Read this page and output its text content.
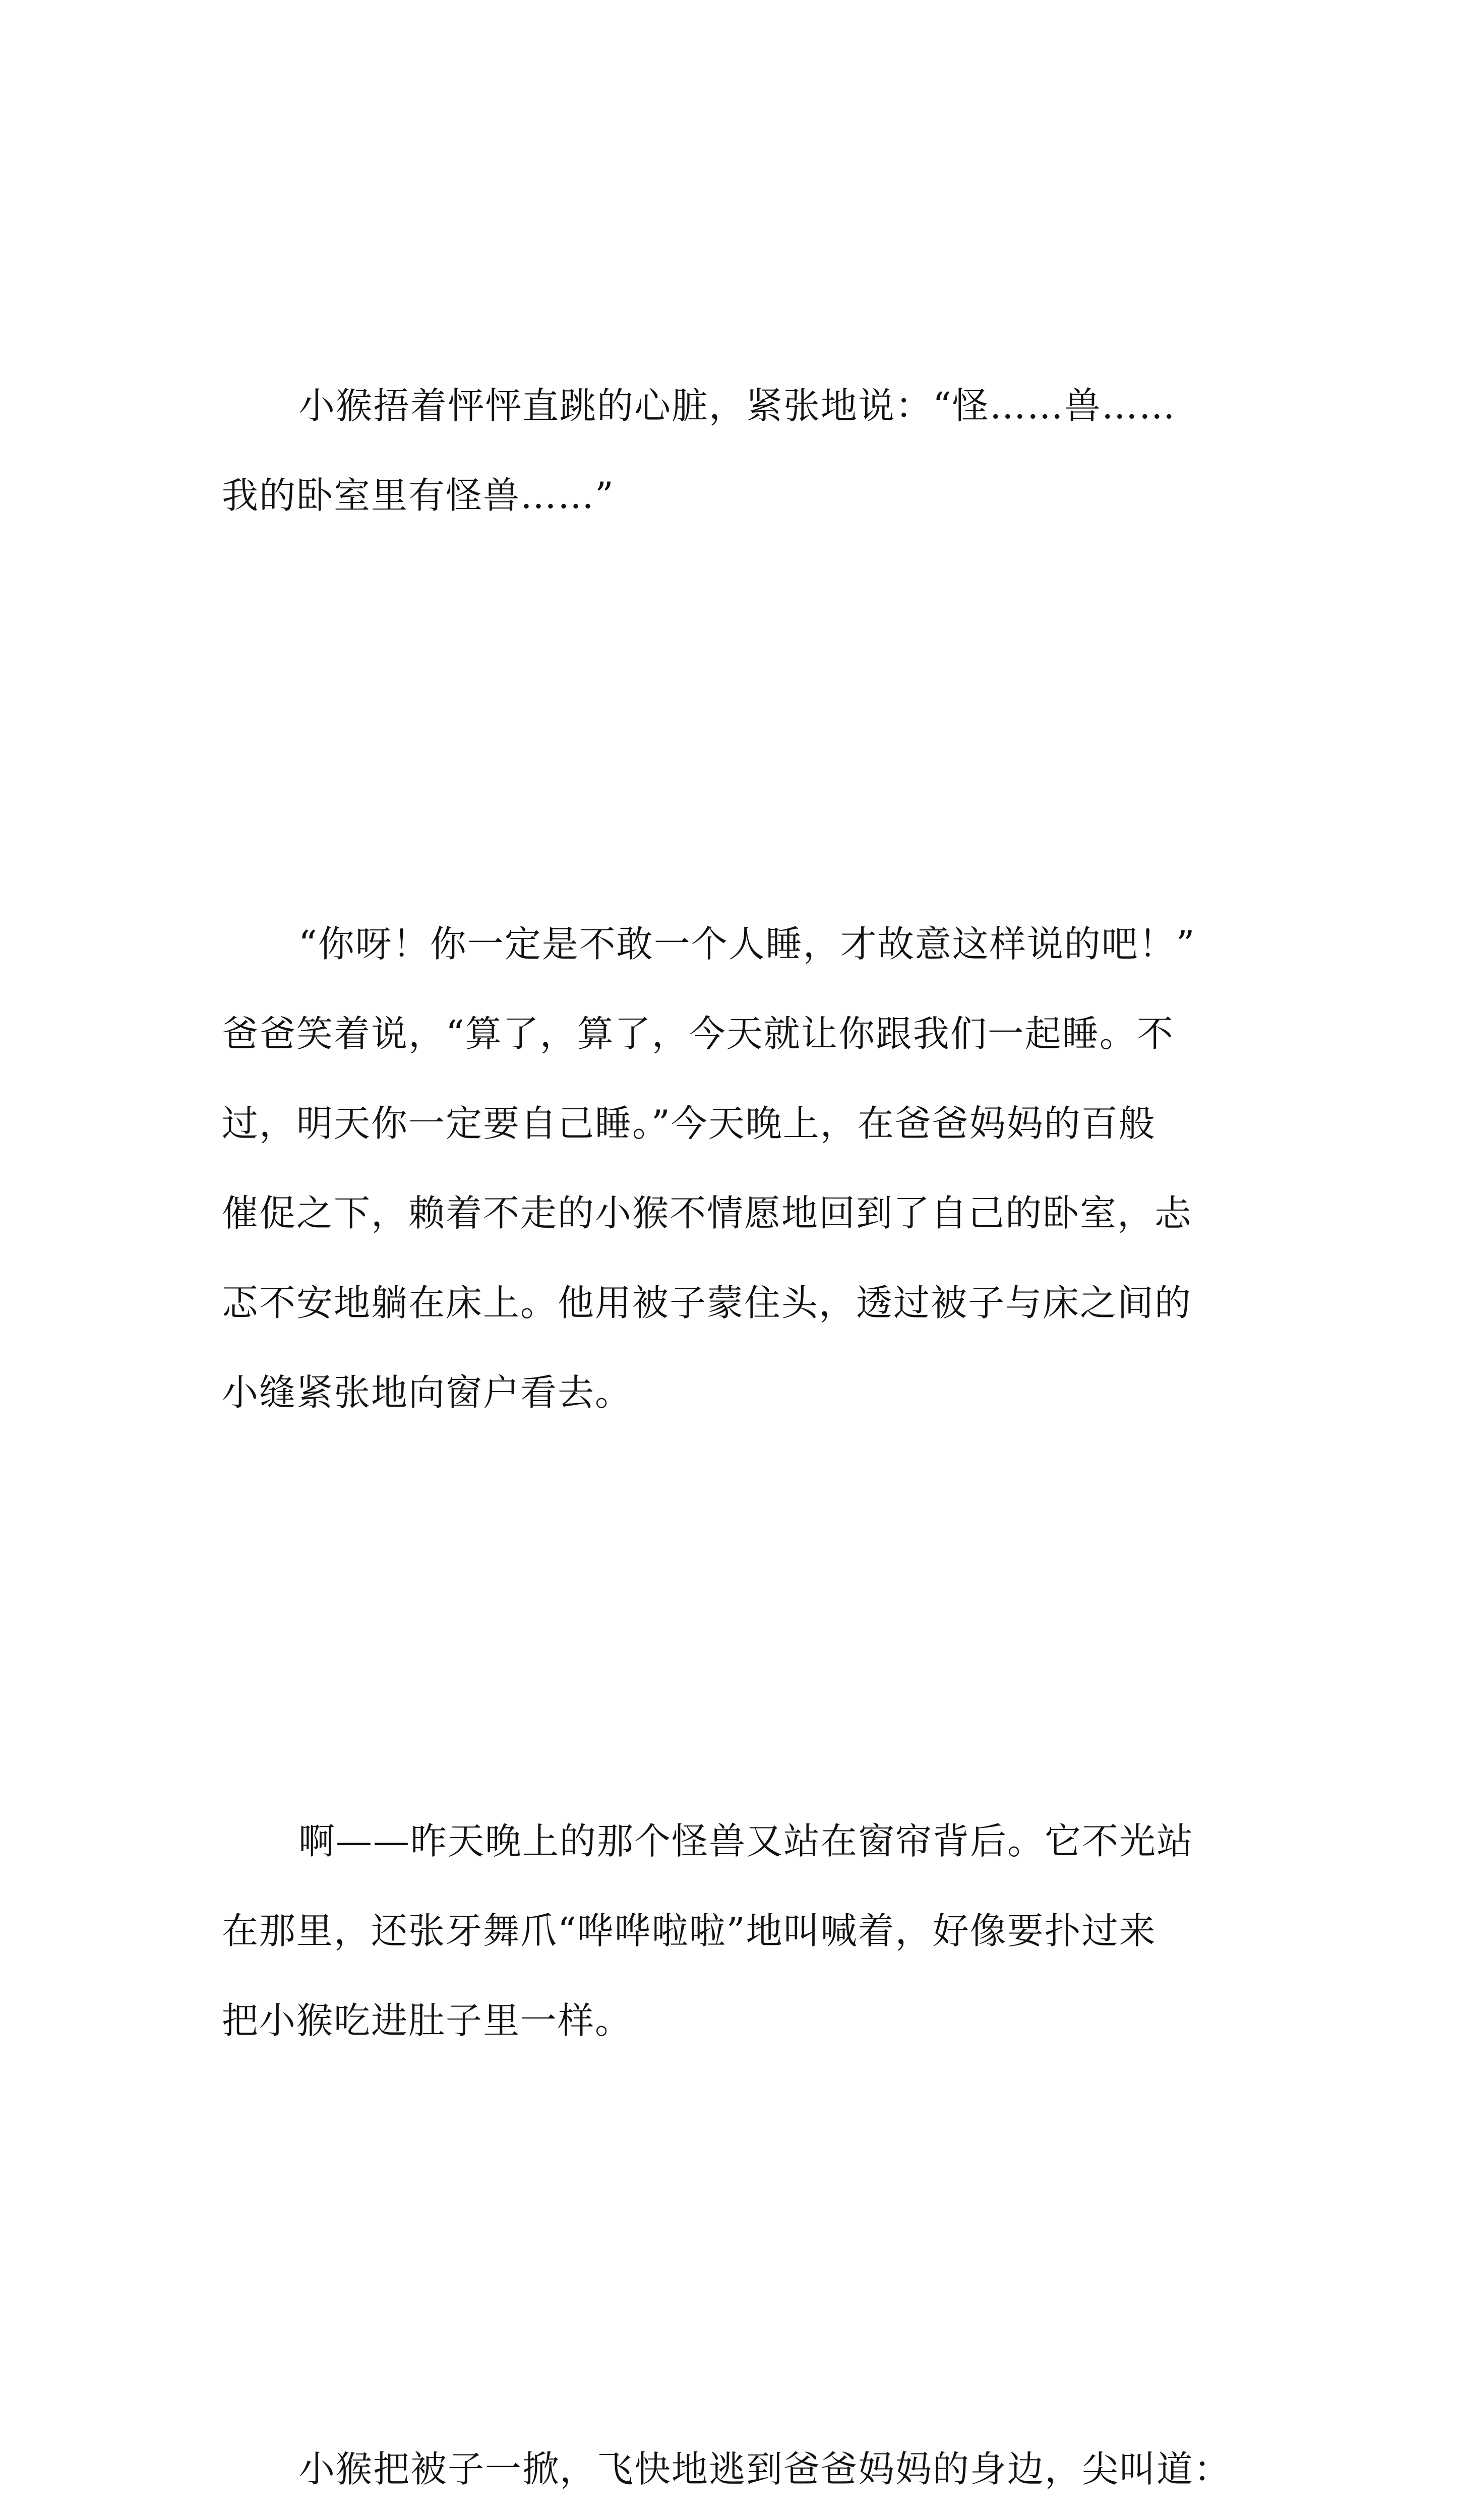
小猴捂着怦怦直跳的心脏，紧张地说：“怪……兽……
我的卧室里有怪兽……”

“你呀！你一定是不敢一个人睡，才故意这样说的吧！”
爸爸笑着说，“算了，算了，今天就让你跟我们一起睡。不
过，明天你一定要自己睡。”今天晚上，在爸爸妈妈的百般
催促之下，赖着不走的小猴不情愿地回到了自己的卧室，忐
忑不安地躺在床上。他用被子蒙住头，透过被子与床之间的
小缝紧张地向窗户看去。

啊——昨天晚上的那个怪兽又站在窗帘背后。它不光站
在那里，还张牙舞爪“哗哗啦啦”地叫喊着，好像要扑过来
把小猴吃进肚子里一样。

小猴把被子一掀，飞快地逃到爸爸妈妈的身边，尖叫道：
